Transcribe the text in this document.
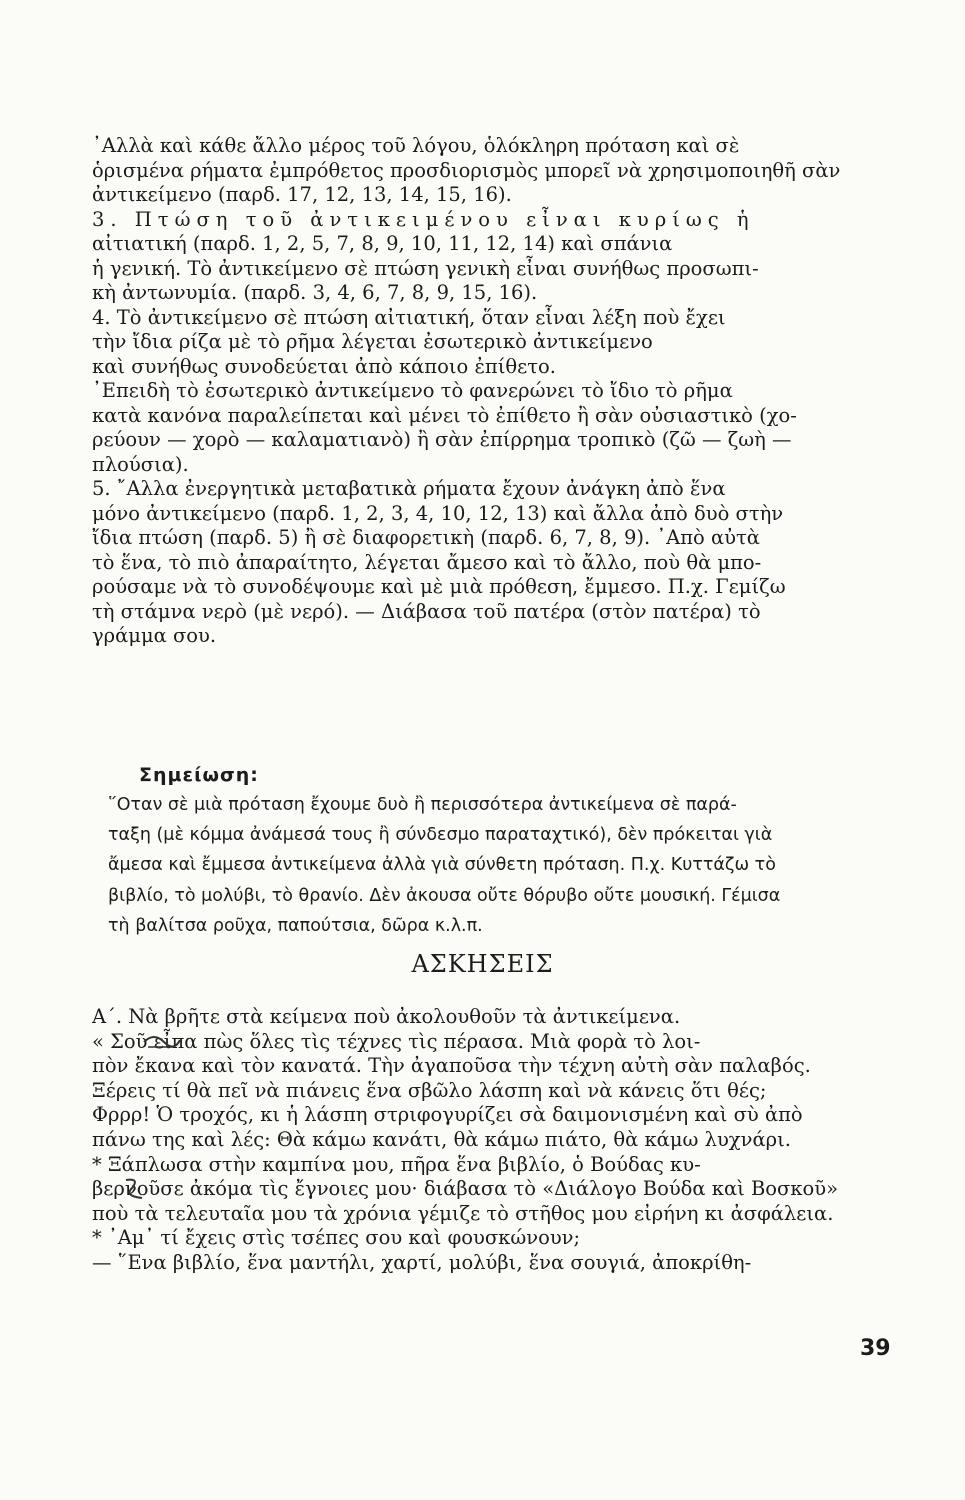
᾿Αλλὰ καὶ κάθε ἄλλο μέρος τοῦ λόγου, ὁλόκληρη πρόταση καὶ σὲ
ὁρισμένα ρήματα ἐμπρόθετος προσδιορισμὸς μπορεῖ νὰ χρησιμοποιηθῆ σὰν
ἀντικείμενο (παρδ. 17, 12, 13, 14, 15, 16).
3. Πτώση τοῦ ἀντικειμένου εἶναι κυρίως ἡ
αἰτιατική (παρδ. 1, 2, 5, 7, 8, 9, 10, 11, 12, 14) καὶ σπάνια
ἡ γενική. Τὸ ἀντικείμενο σὲ πτώση γενικὴ εἶναι συνήθως προσωπι-
κὴ ἀντωνυμία. (παρδ. 3, 4, 6, 7, 8, 9, 15, 16).
4. Τὸ ἀντικείμενο σὲ πτώση αἰτιατική, ὅταν εἶναι λέξη ποὺ ἔχει
τὴν ἴδια ρίζα μὲ τὸ ρῆμα λέγεται ἐσωτερικὸ ἀντικείμενο
καὶ συνήθως συνοδεύεται ἀπὸ κάποιο ἐπίθετο.
᾿Επειδὴ τὸ ἐσωτερικὸ ἀντικείμενο τὸ φανερώνει τὸ ἴδιο τὸ ρῆμα
κατὰ κανόνα παραλείπεται καὶ μένει τὸ ἐπίθετο ἢ σὰν οὐσιαστικὸ (χο-
ρεύουν — χορὸ — καλαματιανὸ) ἢ σὰν ἐπίρρημα τροπικὸ (ζῶ — ζωὴ —
πλούσια).
5. ῎Αλλα ἐνεργητικὰ μεταβατικὰ ρήματα ἔχουν ἀνάγκη ἀπὸ ἕνα
μόνο ἀντικείμενο (παρδ. 1, 2, 3, 4, 10, 12, 13) καὶ ἄλλα ἀπὸ δυὸ στὴν
ἴδια πτώση (παρδ. 5) ἢ σὲ διαφορετικὴ (παρδ. 6, 7, 8, 9). ᾿Απὸ αὐτὰ
τὸ ἕνα, τὸ πιὸ ἀπαραίτητο, λέγεται ἄμεσο καὶ τὸ ἄλλο, ποὺ θὰ μπο-
ρούσαμε νὰ τὸ συνοδέψουμε καὶ μὲ μιὰ πρόθεση, ἔμμεσο. Π.χ. Γεμίζω
τὴ στάμνα νερὸ (μὲ νερό). — Διάβασα τοῦ πατέρα (στὸν πατέρα) τὸ
γράμμα σου.
Σημείωση:
῞Οταν σὲ μιὰ πρόταση ἔχουμε δυὸ ἢ περισσότερα ἀντικείμενα σὲ παρά-
ταξη (μὲ κόμμα ἀνάμεσά τους ἢ σύνδεσμο παραταχτικό), δὲν πρόκειται γιὰ
ἄμεσα καὶ ἔμμεσα ἀντικείμενα ἀλλὰ γιὰ σύνθετη πρόταση. Π.χ. Κυττάζω τὸ
βιβλίο, τὸ μολύβι, τὸ θρανίο. Δὲν ἀκουσα οὔτε θόρυβο οὔτε μουσική. Γέμισα
τὴ βαλίτσα ροῦχα, παπούτσια, δῶρα κ.λ.π.
ΑΣΚΗΣΕΙΣ
Α΄. Νὰ βρῆτε στὰ κείμενα ποὺ ἀκολουθοῦν τὰ ἀντικείμενα.
« Σοῦ εἶπα πὼς ὅλες τὶς τέχνες τὶς πέρασα. Μιὰ φορὰ τὸ λοι-
πὸν ἔκανα καὶ τὸν κανατά. Τὴν ἀγαποῦσα τὴν τέχνη αὐτὴ σὰν παλαβός.
Ξέρεις τί θὰ πεῖ νὰ πιάνεις ἕνα σβῶλο λάσπη καὶ νὰ κάνεις ὅτι θές;
Φρρρ! Ὁ τροχός, κι ἡ λάσπη στριφογυρίζει σὰ δαιμονισμένη καὶ σὺ ἀπὸ
πάνω της καὶ λές: Θὰ κάμω κανάτι, θὰ κάμω πιάτο, θὰ κάμω λυχνάρι.
* Ξάπλωσα στὴν καμπίνα μου, πῆρα ἕνα βιβλίο, ὁ Βούδας κυ-
βερνοῦσε ἀκόμα τὶς ἔγνοιες μου· διάβασα τὸ «Διάλογο Βούδα καὶ Βοσκοῦ»
ποὺ τὰ τελευταῖα μου τὰ χρόνια γέμιζε τὸ στῆθος μου εἰρήνη κι ἀσφάλεια.
* ᾿Αμ᾿ τί ἔχεις στὶς τσέπες σου καὶ φουσκώνουν;
— ῞Ενα βιβλίο, ἕνα μαντήλι, χαρτί, μολύβι, ἕνα σουγιά, ἀποκρίθη-
39
